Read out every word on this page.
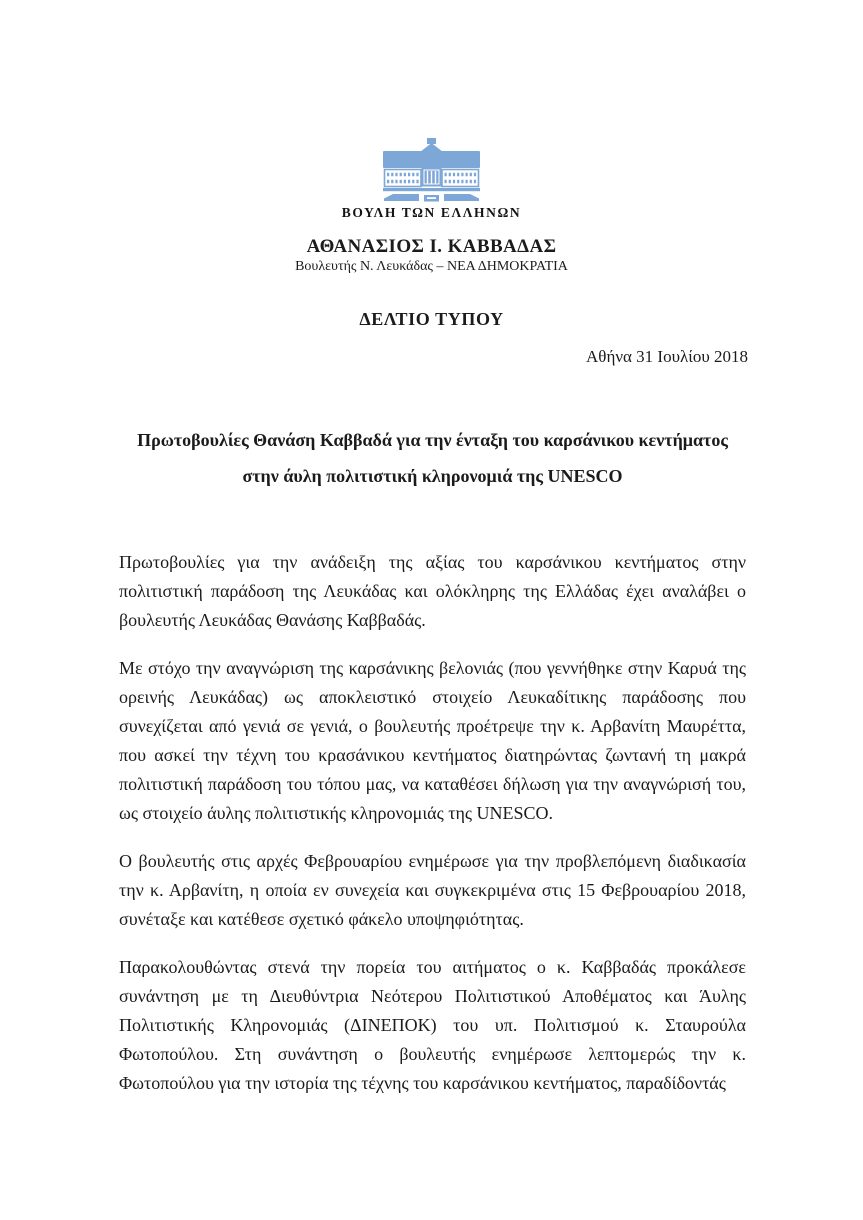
ΒΟΥΛΗ ΤΩΝ ΕΛΛΗΝΩΝ
ΑΘΑΝΑΣΙΟΣ Ι. ΚΑΒΒΑΔΑΣ
Βουλευτής Ν. Λευκάδας – ΝΕΑ ΔΗΜΟΚΡΑΤΙΑ
ΔΕΛΤΙΟ ΤΥΠΟΥ
Αθήνα 31 Ιουλίου 2018
Πρωτοβουλίες Θανάση Καββαδά για την ένταξη του καρσάνικου κεντήματος
στην άυλη πολιτιστική κληρονομιά της UNESCO

Πρωτοβουλίες για την ανάδειξη της αξίας του καρσάνικου κεντήματος στην πολιτιστική παράδοση της Λευκάδας και ολόκληρης της Ελλάδας έχει αναλάβει ο βουλευτής Λευκάδας Θανάσης Καββαδάς.

Με στόχο την αναγνώριση της καρσάνικης βελονιάς (που γεννήθηκε στην Καρυά της ορεινής Λευκάδας) ως αποκλειστικό στοιχείο Λευκαδίτικης παράδοσης που συνεχίζεται από γενιά σε γενιά, ο βουλευτής προέτρεψε την κ. Αρβανίτη Μαυρέττα, που ασκεί την τέχνη του κρασάνικου κεντήματος διατηρώντας ζωντανή τη μακρά πολιτιστική παράδοση του τόπου μας, να καταθέσει δήλωση για την αναγνώρισή του, ως στοιχείο άυλης πολιτιστικής κληρονομιάς της UNESCO.

Ο βουλευτής στις αρχές Φεβρουαρίου ενημέρωσε για την προβλεπόμενη διαδικασία την κ. Αρβανίτη, η οποία εν συνεχεία και συγκεκριμένα στις 15 Φεβρουαρίου 2018, συνέταξε και κατέθεσε σχετικό φάκελο υποψηφιότητας.

Παρακολουθώντας στενά την πορεία του αιτήματος ο κ. Καββαδάς προκάλεσε συνάντηση με τη Διευθύντρια Νεότερου Πολιτιστικού Αποθέματος και Άυλης Πολιτιστικής Κληρονομιάς (ΔΙΝΕΠΟΚ) του υπ. Πολιτισμού κ. Σταυρούλα Φωτοπούλου. Στη συνάντηση ο βουλευτής ενημέρωσε λεπτομερώς την κ. Φωτοπούλου για την ιστορία της τέχνης του καρσάνικου κεντήματος, παραδίδοντάς
